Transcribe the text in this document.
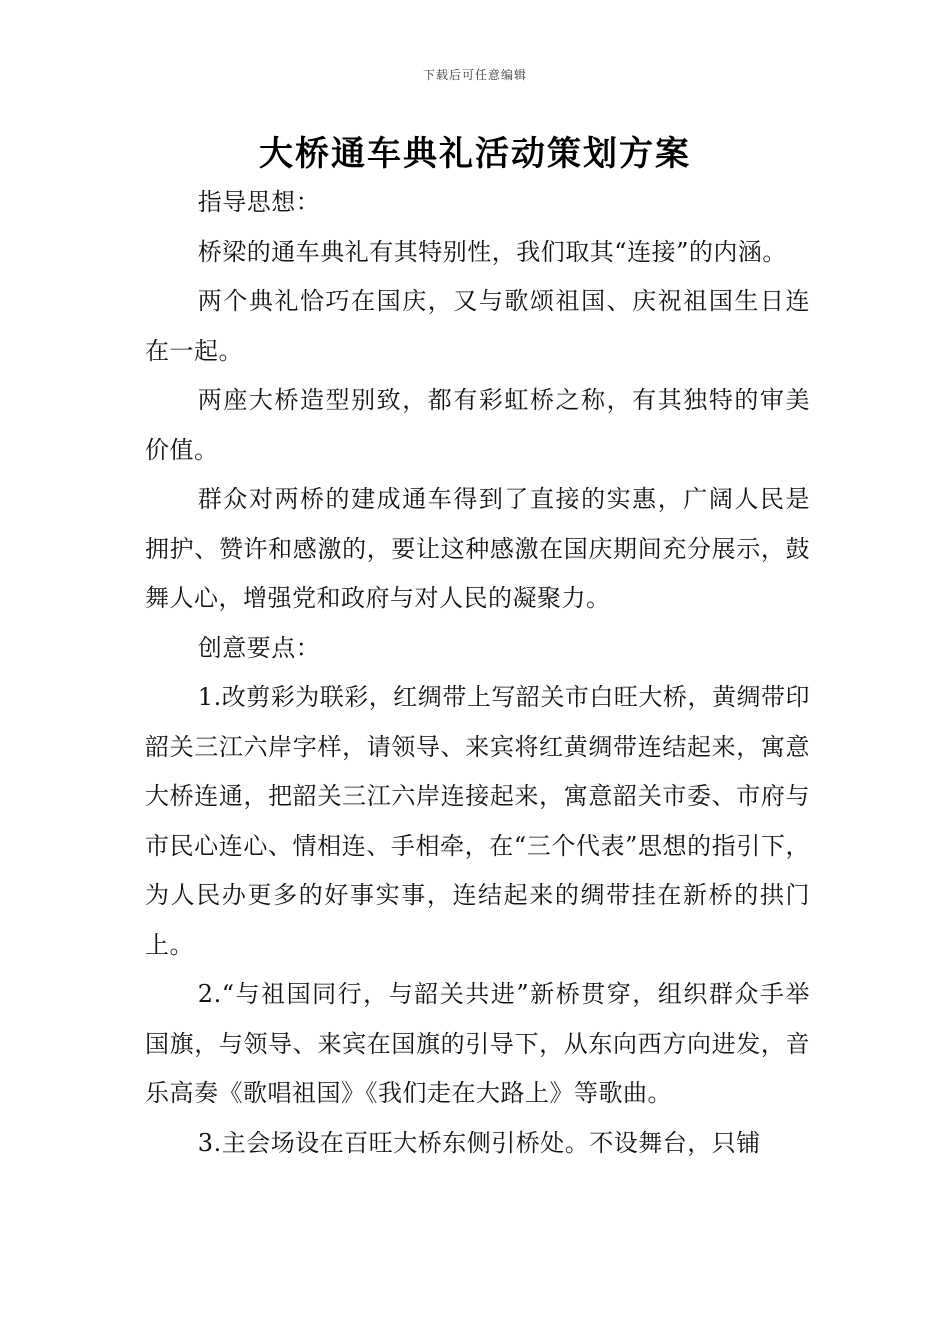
下载后可任意编辑
大桥通车典礼活动策划方案

指导思想：

桥梁的通车典礼有其特别性，我们取其“连接”的内涵。

两个典礼恰巧在国庆，又与歌颂祖国、庆祝祖国生日连在一起。

两座大桥造型别致，都有彩虹桥之称，有其独特的审美价值。

群众对两桥的建成通车得到了直接的实惠，广阔人民是拥护、赞许和感激的，要让这种感激在国庆期间充分展示，鼓舞人心，增强党和政府与对人民的凝聚力。

创意要点：

1.改剪彩为联彩，红绸带上写韶关市白旺大桥，黄绸带印韶关三江六岸字样，请领导、来宾将红黄绸带连结起来，寓意大桥连通，把韶关三江六岸连接起来，寓意韶关市委、市府与市民心连心、情相连、手相牵，在“三个代表”思想的指引下，为人民办更多的好事实事，连结起来的绸带挂在新桥的拱门上。

2.“与祖国同行，与韶关共进”新桥贯穿，组织群众手举国旗，与领导、来宾在国旗的引导下，从东向西方向进发，音乐高奏《歌唱祖国》《我们走在大路上》等歌曲。

3.主会场设在百旺大桥东侧引桥处。不设舞台，只铺
